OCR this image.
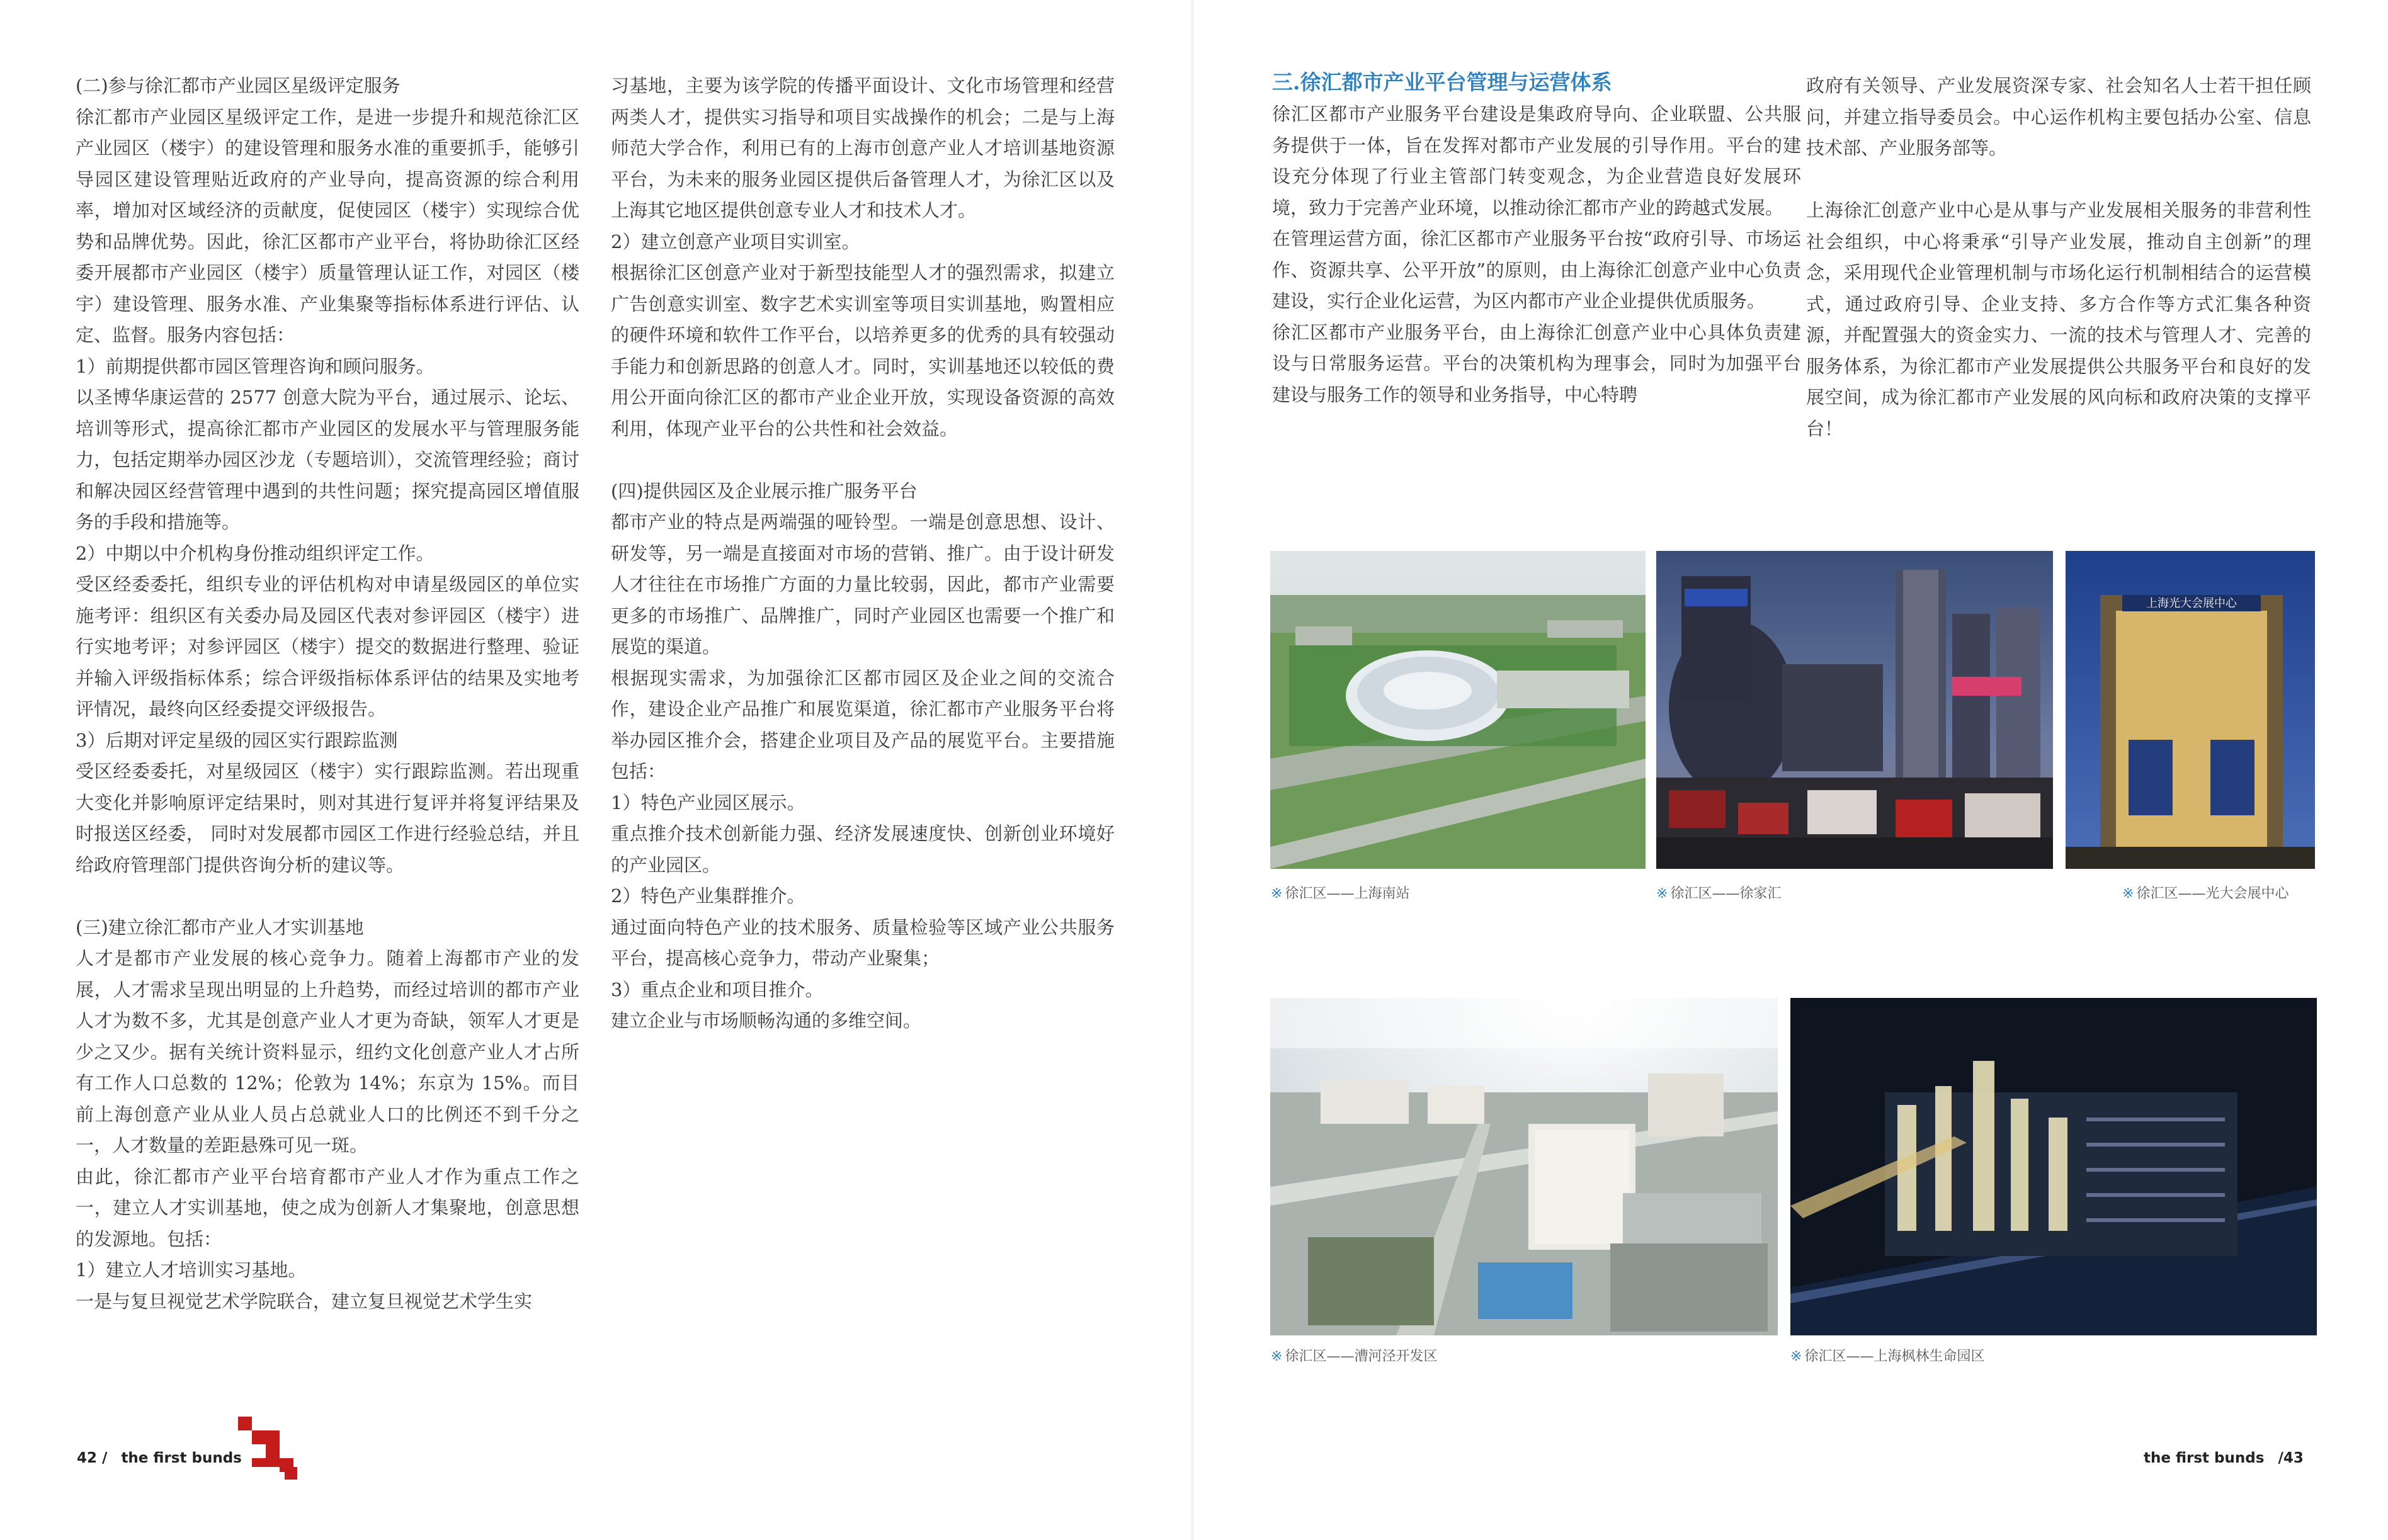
(二)参与徐汇都市产业园区星级评定服务

徐汇都市产业园区星级评定工作，是进一步提升和规范徐汇区产业园区（楼宇）的建设管理和服务水准的重要抓手，能够引导园区建设管理贴近政府的产业导向，提高资源的综合利用率，增加对区域经济的贡献度，促使园区（楼宇）实现综合优势和品牌优势。因此，徐汇区都市产业平台，将协助徐汇区经委开展都市产业园区（楼宇）质量管理认证工作，对园区（楼宇）建设管理、服务水准、产业集聚等指标体系进行评估、认定、监督。服务内容包括：

1）前期提供都市园区管理咨询和顾问服务。

以圣博华康运营的 2577 创意大院为平台，通过展示、论坛、培训等形式，提高徐汇都市产业园区的发展水平与管理服务能力，包括定期举办园区沙龙（专题培训），交流管理经验；商讨和解决园区经营管理中遇到的共性问题；探究提高园区增值服务的手段和措施等。

2）中期以中介机构身份推动组织评定工作。

受区经委委托，组织专业的评估机构对申请星级园区的单位实施考评：组织区有关委办局及园区代表对参评园区（楼宇）进行实地考评；对参评园区（楼宇）提交的数据进行整理、验证并输入评级指标体系；综合评级指标体系评估的结果及实地考评情况，最终向区经委提交评级报告。

3）后期对评定星级的园区实行跟踪监测

受区经委委托，对星级园区（楼宇）实行跟踪监测。若出现重大变化并影响原评定结果时，则对其进行复评并将复评结果及时报送区经委， 同时对发展都市园区工作进行经验总结，并且给政府管理部门提供咨询分析的建议等。

(三)建立徐汇都市产业人才实训基地

人才是都市产业发展的核心竞争力。随着上海都市产业的发展，人才需求呈现出明显的上升趋势，而经过培训的都市产业人才为数不多，尤其是创意产业人才更为奇缺，领军人才更是少之又少。据有关统计资料显示，纽约文化创意产业人才占所有工作人口总数的 12%；伦敦为 14%；东京为 15%。而目前上海创意产业从业人员占总就业人口的比例还不到千分之一，人才数量的差距悬殊可见一斑。

由此，徐汇都市产业平台培育都市产业人才作为重点工作之一，建立人才实训基地，使之成为创新人才集聚地，创意思想的发源地。包括：

1）建立人才培训实习基地。

一是与复旦视觉艺术学院联合，建立复旦视觉艺术学生实

习基地，主要为该学院的传播平面设计、文化市场管理和经营两类人才，提供实习指导和项目实战操作的机会；二是与上海师范大学合作，利用已有的上海市创意产业人才培训基地资源平台，为未来的服务业园区提供后备管理人才，为徐汇区以及上海其它地区提供创意专业人才和技术人才。

2）建立创意产业项目实训室。

根据徐汇区创意产业对于新型技能型人才的强烈需求，拟建立广告创意实训室、数字艺术实训室等项目实训基地，购置相应的硬件环境和软件工作平台，以培养更多的优秀的具有较强动手能力和创新思路的创意人才。同时，实训基地还以较低的费用公开面向徐汇区的都市产业企业开放，实现设备资源的高效利用，体现产业平台的公共性和社会效益。

(四)提供园区及企业展示推广服务平台

都市产业的特点是两端强的哑铃型。一端是创意思想、设计、研发等，另一端是直接面对市场的营销、推广。由于设计研发人才往往在市场推广方面的力量比较弱，因此，都市产业需要更多的市场推广、品牌推广，同时产业园区也需要一个推广和展览的渠道。

根据现实需求，为加强徐汇区都市园区及企业之间的交流合作，建设企业产品推广和展览渠道，徐汇都市产业服务平台将举办园区推介会，搭建企业项目及产品的展览平台。主要措施包括：

1）特色产业园区展示。

重点推介技术创新能力强、经济发展速度快、创新创业环境好的产业园区。

2）特色产业集群推介。

通过面向特色产业的技术服务、质量检验等区域产业公共服务平台，提高核心竞争力，带动产业聚集；

3）重点企业和项目推介。

建立企业与市场顺畅沟通的多维空间。

42 / the first bunds

三.徐汇都市产业平台管理与运营体系

徐汇区都市产业服务平台建设是集政府导向、企业联盟、公共服务提供于一体，旨在发挥对都市产业发展的引导作用。平台的建设充分体现了行业主管部门转变观念，为企业营造良好发展环境，致力于完善产业环境，以推动徐汇都市产业的跨越式发展。

在管理运营方面，徐汇区都市产业服务平台按“政府引导、市场运作、资源共享、公平开放”的原则，由上海徐汇创意产业中心负责建设，实行企业化运营，为区内都市产业企业提供优质服务。

徐汇区都市产业服务平台，由上海徐汇创意产业中心具体负责建设与日常服务运营。平台的决策机构为理事会，同时为加强平台建设与服务工作的领导和业务指导，中心特聘

政府有关领导、产业发展资深专家、社会知名人士若干担任顾问，并建立指导委员会。中心运作机构主要包括办公室、信息技术部、产业服务部等。

上海徐汇创意产业中心是从事与产业发展相关服务的非营利性社会组织，中心将秉承“引导产业发展，推动自主创新”的理念，采用现代企业管理机制与市场化运行机制相结合的运营模式，通过政府引导、企业支持、多方合作等方式汇集各种资源，并配置强大的资金实力、一流的技术与管理人才、完善的服务体系，为徐汇都市产业发展提供公共服务平台和良好的发展空间，成为徐汇都市产业发展的风向标和政府决策的支撑平台！

上海光大会展中心
※ 徐汇区——上海南站	※ 徐汇区——徐家汇	※ 徐汇区——光大会展中心
※ 徐汇区——漕河泾开发区	※ 徐汇区——上海枫林生命园区
the first bunds /43
